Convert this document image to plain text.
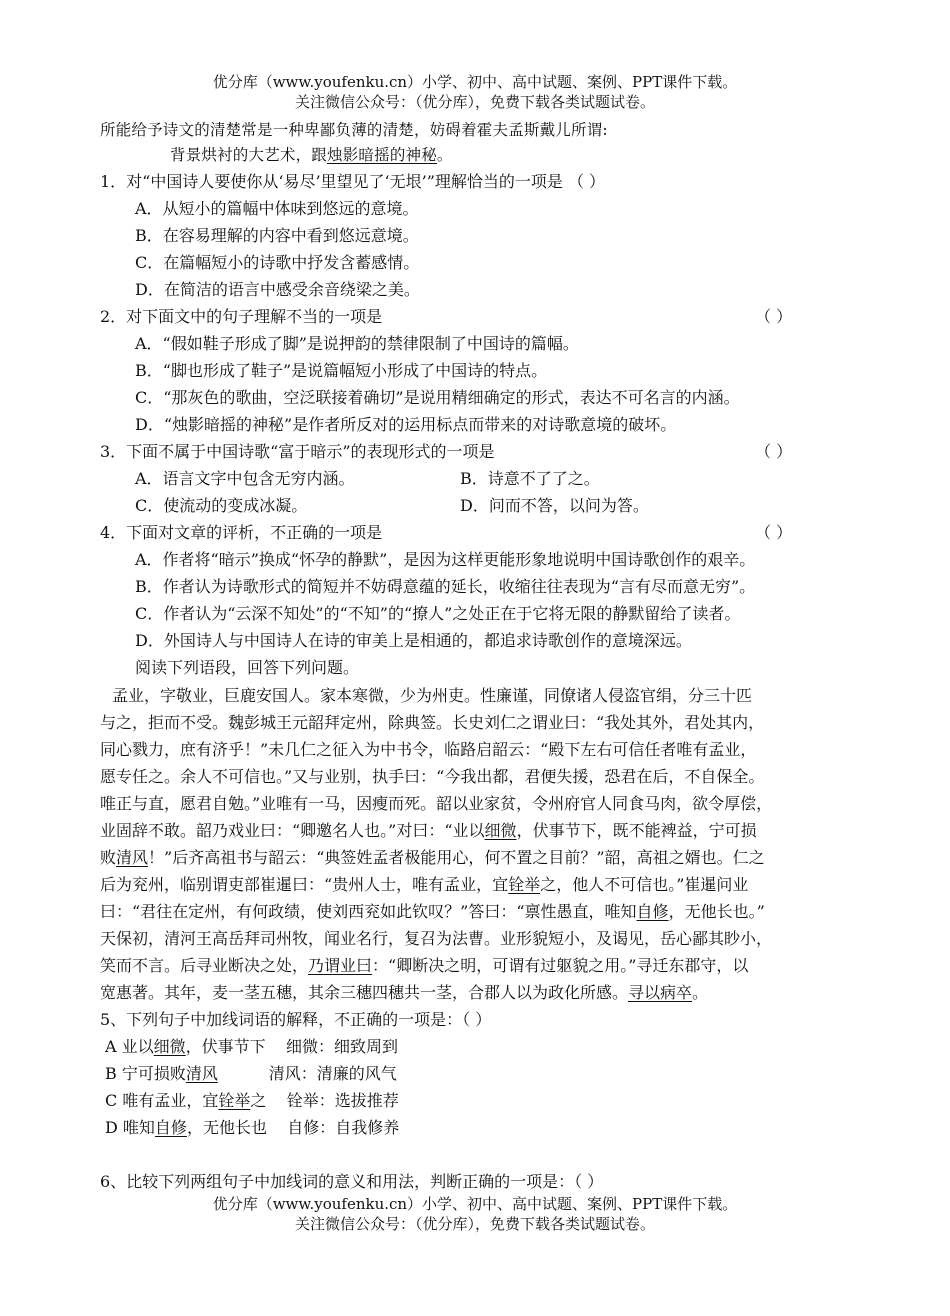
优分库（www.youfenku.cn）小学、初中、高中试题、案例、PPT课件下载。
关注微信公众号：（优分库），免费下载各类试题试卷。
所能给予诗文的清楚常是一种卑鄙负薄的清楚，妨碍着霍夫孟斯戴儿所谓:
背景烘衬的大艺术，跟烛影暗摇的神秘。
1．对“中国诗人要使你从‘易尽’里望见了‘无垠’”理解恰当的一项是 （ ）
A．从短小的篇幅中体味到悠远的意境。
B．在容易理解的内容中看到悠远意境。
C．在篇幅短小的诗歌中抒发含蓄感情。
D．在简洁的语言中感受余音绕梁之美。
2．对下面文中的句子理解不当的一项是	（ ）
A．“假如鞋子形成了脚”是说押韵的禁律限制了中国诗的篇幅。
B．“脚也形成了鞋子”是说篇幅短小形成了中国诗的特点。
C．“那灰色的歌曲，空泛联接着确切”是说用精细确定的形式，表达不可名言的内涵。
D．“烛影暗摇的神秘”是作者所反对的运用标点而带来的对诗歌意境的破坏。
3．下面不属于中国诗歌“富于暗示”的表现形式的一项是	（ ）
A．语言文字中包含无穷内涵。	B．诗意不了了之。
C．使流动的变成冰凝。	D．问而不答，以问为答。
4．下面对文章的评析，不正确的一项是	（ ）
A．作者将“暗示”换成“怀孕的静默”，是因为这样更能形象地说明中国诗歌创作的艰辛。
B．作者认为诗歌形式的简短并不妨碍意蕴的延长，收缩往往表现为“言有尽而意无穷”。
C．作者认为“云深不知处”的“不知”的“撩人”之处正在于它将无限的静默留给了读者。
D．外国诗人与中国诗人在诗的审美上是相通的，都追求诗歌创作的意境深远。
阅读下列语段，回答下列问题。
孟业，字敬业，巨鹿安国人。家本寒微，少为州吏。性廉谨，同僚诸人侵盗官绢，分三十匹
与之，拒而不受。魏彭城王元韶拜定州，除典签。长史刘仁之谓业曰：“我处其外，君处其内，
同心戮力，庶有济乎！”未几仁之征入为中书令，临路启韶云：“殿下左右可信任者唯有孟业，
愿专任之。余人不可信也。”又与业别，执手曰：“今我出都，君便失援，恐君在后，不自保全。
唯正与直，愿君自勉。”业唯有一马，因瘦而死。韶以业家贫，令州府官人同食马肉，欲令厚偿，
业固辞不敢。韶乃戏业曰：“卿邀名人也。”对曰：“业以细微，伏事节下，既不能裨益，宁可损
败清风！”后齐高祖书与韶云：“典签姓孟者极能用心，何不置之目前？”韶，高祖之婿也。仁之
后为兖州，临别谓吏部崔暹曰：“贵州人士，唯有孟业，宜铨举之，他人不可信也。”崔暹问业
曰：“君往在定州，有何政绩，使刘西兖如此钦叹？”答曰：“禀性愚直，唯知自修，无他长也。”
天保初，清河王高岳拜司州牧，闻业名行，复召为法曹。业形貌短小，及谒见，岳心鄙其眇小，
笑而不言。后寻业断决之处，乃谓业曰：“卿断决之明，可谓有过躯貌之用。”寻迁东郡守，以
宽惠著。其年，麦一茎五穗，其余三穗四穗共一茎，合郡人以为政化所感。寻以病卒。
5、下列句子中加线词语的解释，不正确的一项是：（ ）
A 业以细微，伏事节下    细微：细致周到
B 宁可损败清风          清风：清廉的风气
C 唯有孟业，宜铨举之    铨举：选拔推荐
D 唯知自修，无他长也    自修：自我修养
6、比较下列两组句子中加线词的意义和用法，判断正确的一项是：（ ）
优分库（www.youfenku.cn）小学、初中、高中试题、案例、PPT课件下载。
关注微信公众号：（优分库），免费下载各类试题试卷。
